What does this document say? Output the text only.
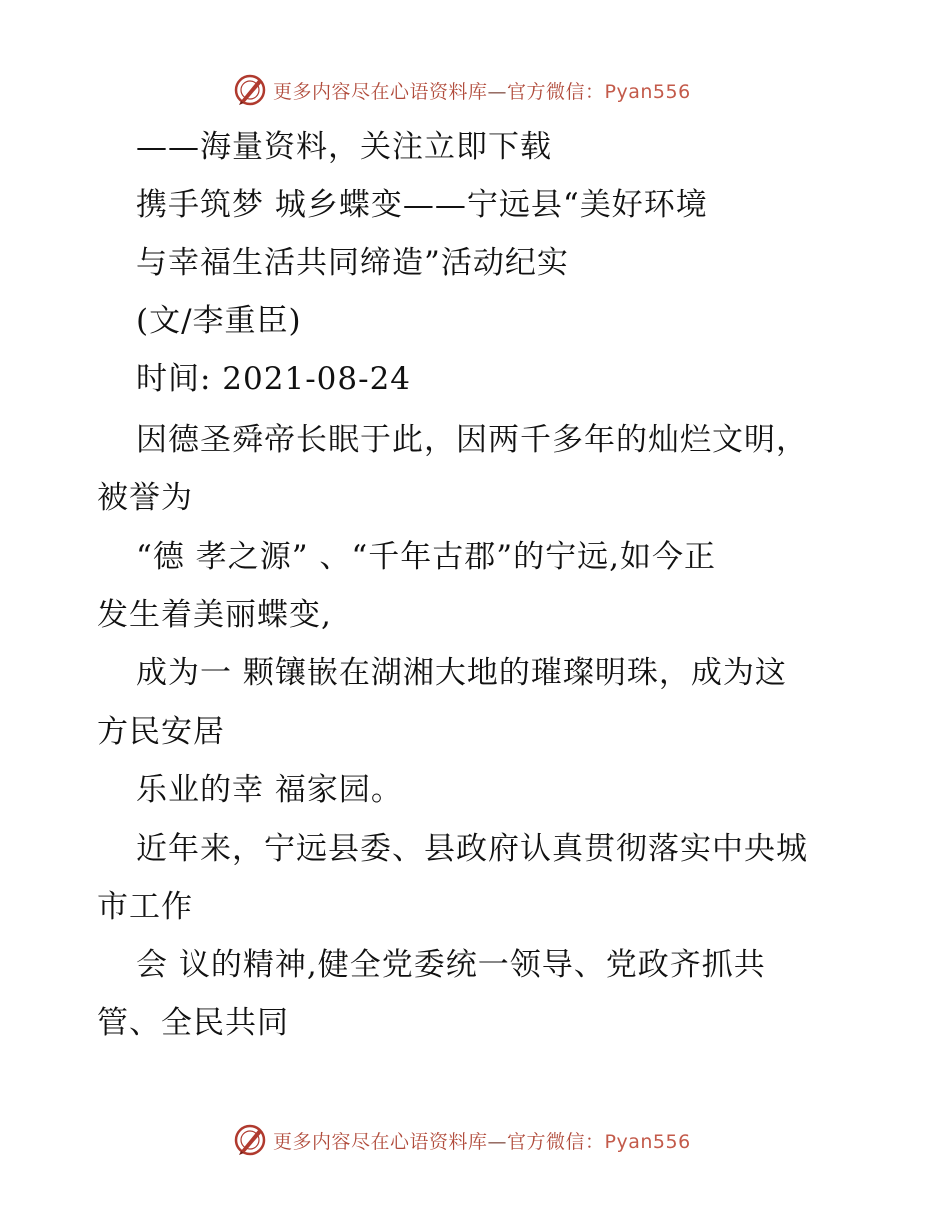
更多内容尽在心语资料库—官方微信：Pyan556
——海量资料，关注立即下载
携手筑梦 城乡蝶变——宁远县“美好环境
与幸福生活共同缔造”活动纪实
(文/李重臣)
时间: 2021-08-24
因德圣舜帝长眠于此，因两千多年的灿烂文明，
被誉为
“德 孝之源” 、“千年古郡”的宁远,如今正
发生着美丽蝶变,
成为一 颗镶嵌在湖湘大地的璀璨明珠，成为这
方民安居
乐业的幸 福家园。
近年来，宁远县委、县政府认真贯彻落实中央城
市工作
会 议的精神,健全党委统一领导、党政齐抓共
管、全民共同
更多内容尽在心语资料库—官方微信：Pyan556
